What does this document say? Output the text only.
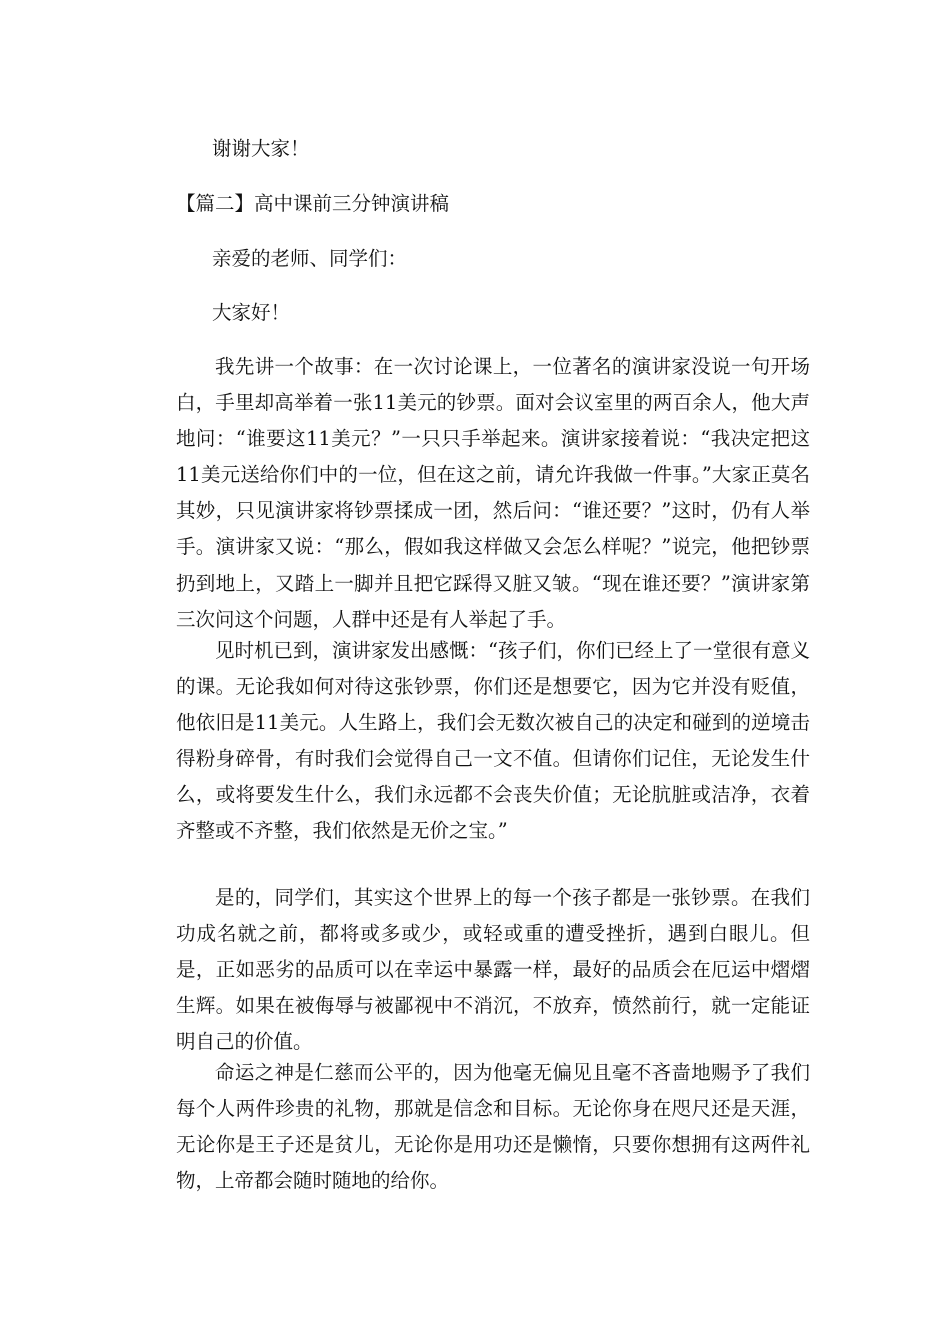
谢谢大家！
【篇二】高中课前三分钟演讲稿
亲爱的老师、同学们：
大家好！

我先讲一个故事：在一次讨论课上，一位著名的演讲家没说一句开场白，手里却高举着一张11美元的钞票。面对会议室里的两百余人，他大声地问：“谁要这11美元？”一只只手举起来。演讲家接着说：“我决定把这11美元送给你们中的一位，但在这之前，请允许我做一件事。”大家正莫名其妙，只见演讲家将钞票揉成一团，然后问：“谁还要？”这时，仍有人举手。演讲家又说：“那么，假如我这样做又会怎么样呢？”说完，他把钞票扔到地上，又踏上一脚并且把它踩得又脏又皱。“现在谁还要？”演讲家第三次问这个问题，人群中还是有人举起了手。

见时机已到，演讲家发出感慨：“孩子们，你们已经上了一堂很有意义的课。无论我如何对待这张钞票，你们还是想要它，因为它并没有贬值，他依旧是11美元。人生路上，我们会无数次被自己的决定和碰到的逆境击得粉身碎骨，有时我们会觉得自己一文不值。但请你们记住，无论发生什么，或将要发生什么，我们永远都不会丧失价值；无论肮脏或洁净，衣着齐整或不齐整，我们依然是无价之宝。”

是的，同学们，其实这个世界上的每一个孩子都是一张钞票。在我们功成名就之前，都将或多或少，或轻或重的遭受挫折，遇到白眼儿。但是，正如恶劣的品质可以在幸运中暴露一样，最好的品质会在厄运中熠熠生辉。如果在被侮辱与被鄙视中不消沉，不放弃，愤然前行，就一定能证明自己的价值。

命运之神是仁慈而公平的，因为他毫无偏见且毫不吝啬地赐予了我们每个人两件珍贵的礼物，那就是信念和目标。无论你身在咫尺还是天涯，无论你是王子还是贫儿，无论你是用功还是懒惰，只要你想拥有这两件礼物，上帝都会随时随地的给你。
